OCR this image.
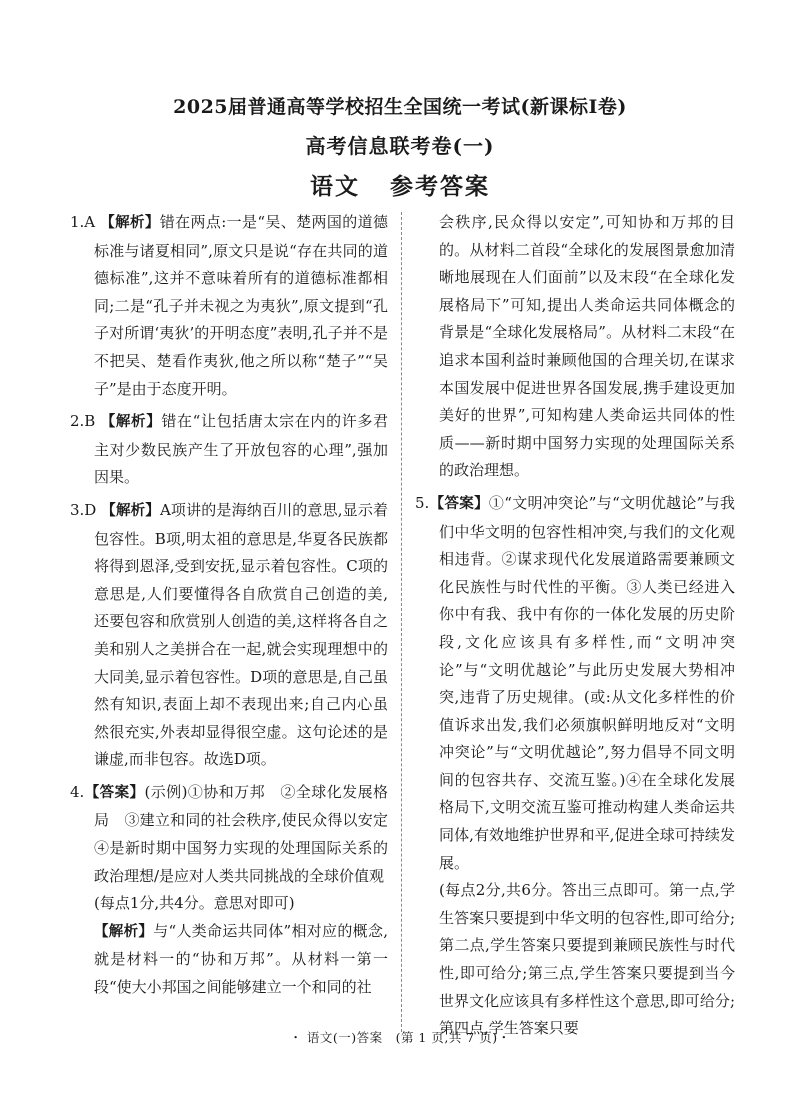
2025届普通高等学校招生全国统一考试(新课标Ⅰ卷)
高考信息联考卷(一)
语文 参考答案
1.A 【解析】错在两点:一是“吴、楚两国的道德标准与诸夏相同”,原文只是说“存在共同的道德标准”,这并不意味着所有的道德标准都相同;二是“孔子并未视之为夷狄”,原文提到“孔子对所谓‘夷狄’的开明态度”表明,孔子并不是不把吴、楚看作夷狄,他之所以称“楚子”“吴子”是由于态度开明。
2.B 【解析】错在“让包括唐太宗在内的许多君主对少数民族产生了开放包容的心理”,强加因果。
3.D 【解析】A项讲的是海纳百川的意思,显示着包容性。B项,明太祖的意思是,华夏各民族都将得到恩泽,受到安抚,显示着包容性。C项的意思是,人们要懂得各自欣赏自己创造的美,还要包容和欣赏别人创造的美,这样将各自之美和别人之美拼合在一起,就会实现理想中的大同美,显示着包容性。D项的意思是,自己虽然有知识,表面上却不表现出来;自己内心虽然很充实,外表却显得很空虚。这句论述的是谦虚,而非包容。故选D项。
4.【答案】(示例)①协和万邦　②全球化发展格局　③建立和同的社会秩序,使民众得以安定　④是新时期中国努力实现的处理国际关系的政治理想/是应对人类共同挑战的全球价值观
(每点1分,共4分。意思对即可)
【解析】与“人类命运共同体”相对应的概念,就是材料一的“协和万邦”。从材料一第一段“使大小邦国之间能够建立一个和同的社
会秩序,民众得以安定”,可知协和万邦的目的。从材料二首段“全球化的发展图景愈加清晰地展现在人们面前”以及末段“在全球化发展格局下”可知,提出人类命运共同体概念的背景是“全球化发展格局”。从材料二末段“在追求本国利益时兼顾他国的合理关切,在谋求本国发展中促进世界各国发展,携手建设更加美好的世界”,可知构建人类命运共同体的性质——新时期中国努力实现的处理国际关系的政治理想。
5.【答案】①“文明冲突论”与“文明优越论”与我们中华文明的包容性相冲突,与我们的文化观相违背。②谋求现代化发展道路需要兼顾文化民族性与时代性的平衡。③人类已经进入你中有我、我中有你的一体化发展的历史阶段,文化应该具有多样性,而“文明冲突论”与“文明优越论”与此历史发展大势相冲突,违背了历史规律。(或:从文化多样性的价值诉求出发,我们必须旗帜鲜明地反对“文明冲突论”与“文明优越论”,努力倡导不同文明间的包容共存、交流互鉴。)④在全球化发展格局下,文明交流互鉴可推动构建人类命运共同体,有效地维护世界和平,促进全球可持续发展。
(每点2分,共6分。答出三点即可。第一点,学生答案只要提到中华文明的包容性,即可给分;第二点,学生答案只要提到兼顾民族性与时代性,即可给分;第三点,学生答案只要提到当今世界文化应该具有多样性这个意思,即可给分;第四点,学生答案只要
・ 语文(一)答案　(第 1 页,共 7 页)・
